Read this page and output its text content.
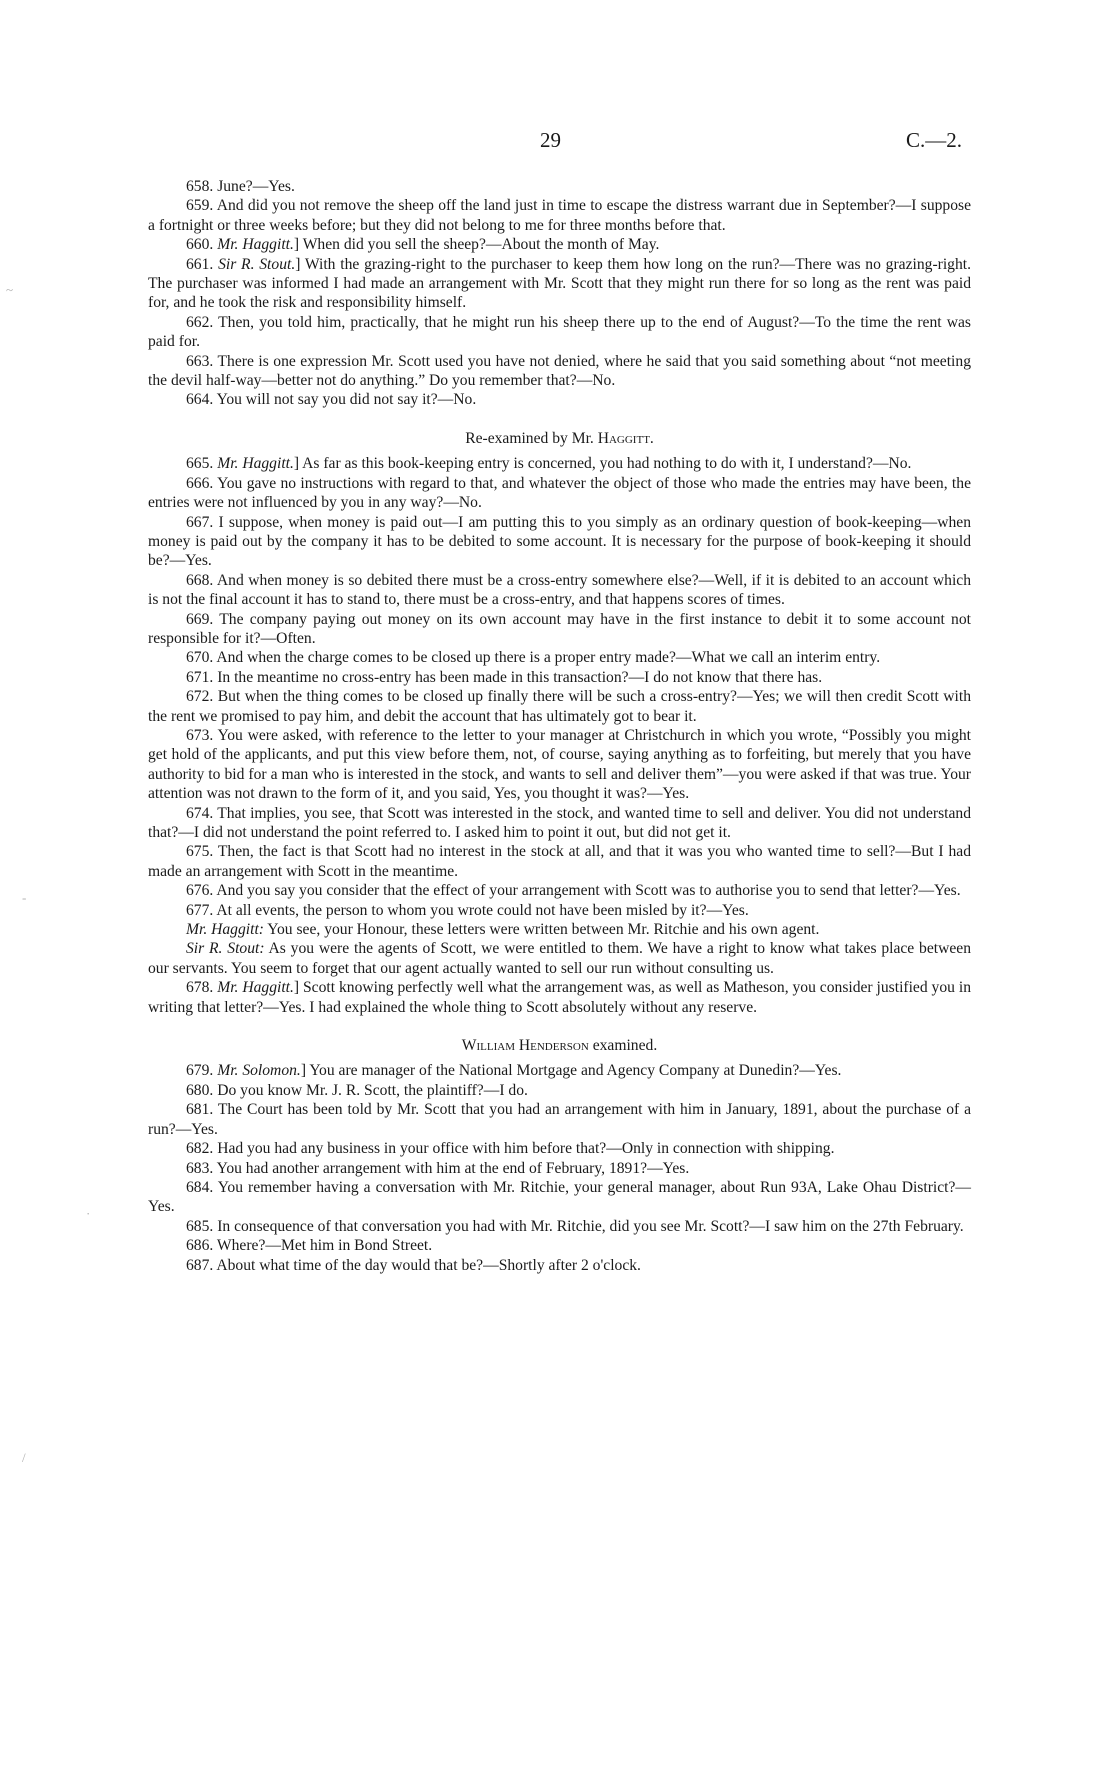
29	C.—2.
~
-
·
/

658. June?—Yes.

659. And did you not remove the sheep off the land just in time to escape the distress warrant due in September?—I suppose a fortnight or three weeks before; but they did not belong to me for three months before that.

660. Mr. Haggitt.] When did you sell the sheep?—About the month of May.

661. Sir R. Stout.] With the grazing-right to the purchaser to keep them how long on the run?—There was no grazing-right. The purchaser was informed I had made an arrangement with Mr. Scott that they might run there for so long as the rent was paid for, and he took the risk and responsibility himself.

662. Then, you told him, practically, that he might run his sheep there up to the end of August?—To the time the rent was paid for.

663. There is one expression Mr. Scott used you have not denied, where he said that you said something about “not meeting the devil half-way—better not do anything.” Do you remember that?—No.

664. You will not say you did not say it?—No.

Re-examined by Mr. Haggitt.

665. Mr. Haggitt.] As far as this book-keeping entry is concerned, you had nothing to do with it, I understand?—No.

666. You gave no instructions with regard to that, and whatever the object of those who made the entries may have been, the entries were not influenced by you in any way?—No.

667. I suppose, when money is paid out—I am putting this to you simply as an ordinary question of book-keeping—when money is paid out by the company it has to be debited to some account. It is necessary for the purpose of book-keeping it should be?—Yes.

668. And when money is so debited there must be a cross-entry somewhere else?—Well, if it is debited to an account which is not the final account it has to stand to, there must be a cross-entry, and that happens scores of times.

669. The company paying out money on its own account may have in the first instance to debit it to some account not responsible for it?—Often.

670. And when the charge comes to be closed up there is a proper entry made?—What we call an interim entry.

671. In the meantime no cross-entry has been made in this transaction?—I do not know that there has.

672. But when the thing comes to be closed up finally there will be such a cross-entry?—Yes; we will then credit Scott with the rent we promised to pay him, and debit the account that has ultimately got to bear it.

673. You were asked, with reference to the letter to your manager at Christchurch in which you wrote, “Possibly you might get hold of the applicants, and put this view before them, not, of course, saying anything as to forfeiting, but merely that you have authority to bid for a man who is interested in the stock, and wants to sell and deliver them”—you were asked if that was true. Your attention was not drawn to the form of it, and you said, Yes, you thought it was?—Yes.

674. That implies, you see, that Scott was interested in the stock, and wanted time to sell and deliver. You did not understand that?—I did not understand the point referred to. I asked him to point it out, but did not get it.

675. Then, the fact is that Scott had no interest in the stock at all, and that it was you who wanted time to sell?—But I had made an arrangement with Scott in the meantime.

676. And you say you consider that the effect of your arrangement with Scott was to authorise you to send that letter?—Yes.

677. At all events, the person to whom you wrote could not have been misled by it?—Yes.

Mr. Haggitt: You see, your Honour, these letters were written between Mr. Ritchie and his own agent.

Sir R. Stout: As you were the agents of Scott, we were entitled to them. We have a right to know what takes place between our servants. You seem to forget that our agent actually wanted to sell our run without consulting us.

678. Mr. Haggitt.] Scott knowing perfectly well what the arrangement was, as well as Matheson, you consider justified you in writing that letter?—Yes. I had explained the whole thing to Scott absolutely without any reserve.

William Henderson examined.

679. Mr. Solomon.] You are manager of the National Mortgage and Agency Company at Dunedin?—Yes.

680. Do you know Mr. J. R. Scott, the plaintiff?—I do.

681. The Court has been told by Mr. Scott that you had an arrangement with him in January, 1891, about the purchase of a run?—Yes.

682. Had you had any business in your office with him before that?—Only in connection with shipping.

683. You had another arrangement with him at the end of February, 1891?—Yes.

684. You remember having a conversation with Mr. Ritchie, your general manager, about Run 93A, Lake Ohau District?—Yes.

685. In consequence of that conversation you had with Mr. Ritchie, did you see Mr. Scott?—I saw him on the 27th February.

686. Where?—Met him in Bond Street.

687. About what time of the day would that be?—Shortly after 2 o'clock.
